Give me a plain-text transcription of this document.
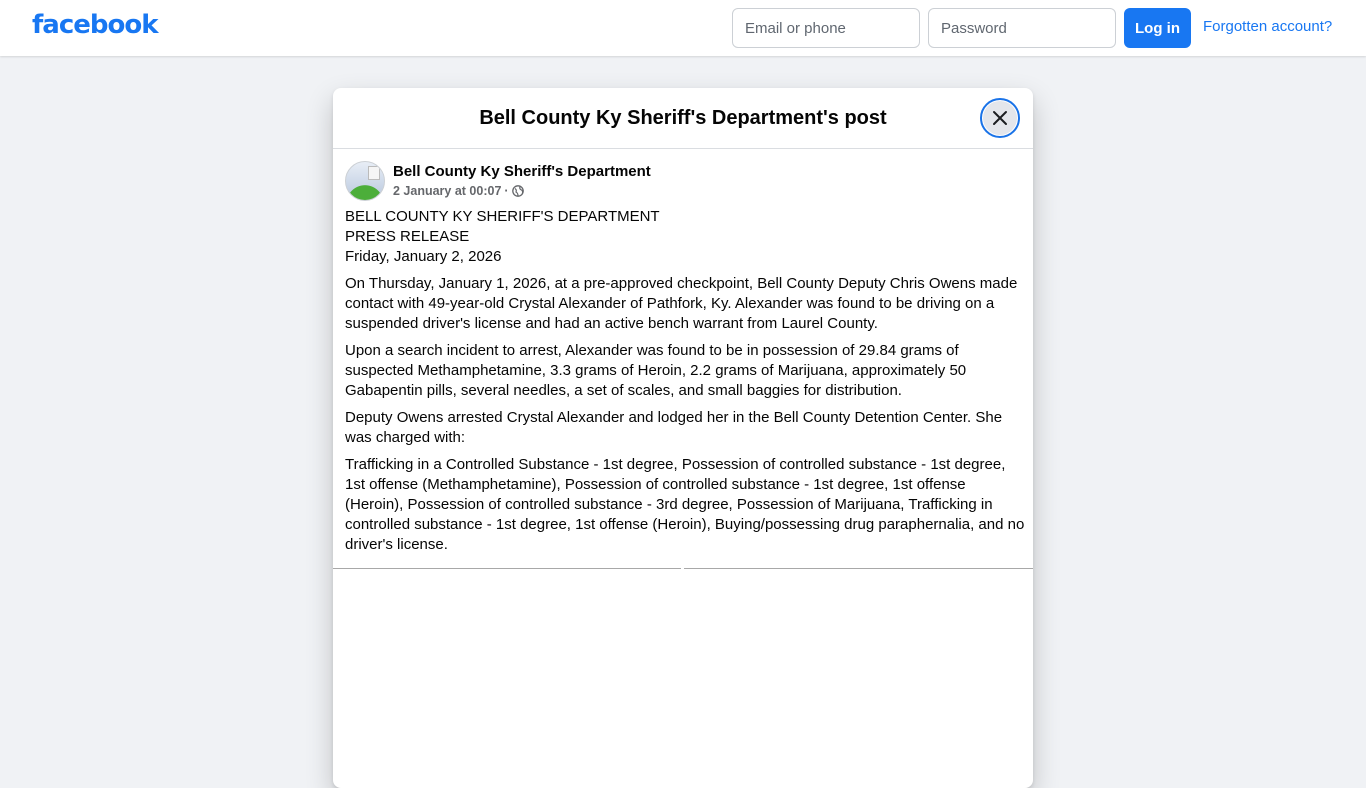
facebook
Email or phone	Log in	Forgotten account?
Bell County Ky Sheriff's Department's post
Bell County Ky Sheriff's Department
2 January at 00:07 ·

BELL COUNTY KY SHERIFF'S DEPARTMENT
PRESS RELEASE
Friday, January 2, 2026

On Thursday, January 1, 2026, at a pre-approved checkpoint, Bell County Deputy Chris Owens made contact with 49-year-old Crystal Alexander of Pathfork, Ky. Alexander was found to be driving on a suspended driver's license and had an active bench warrant from Laurel County.

Upon a search incident to arrest, Alexander was found to be in possession of 29.84 grams of suspected Methamphetamine, 3.3 grams of Heroin, 2.2 grams of Marijuana, approximately 50 Gabapentin pills, several needles, a set of scales, and small baggies for distribution.

Deputy Owens arrested Crystal Alexander and lodged her in the Bell County Detention Center. She was charged with:

Trafficking in a Controlled Substance - 1st degree, Possession of controlled substance - 1st degree, 1st offense (Methamphetamine), Possession of controlled substance - 1st degree, 1st offense (Heroin), Possession of controlled substance - 3rd degree, Possession of Marijuana, Trafficking in controlled substance - 1st degree, 1st offense (Heroin), Buying/possessing drug paraphernalia, and no driver's license.
